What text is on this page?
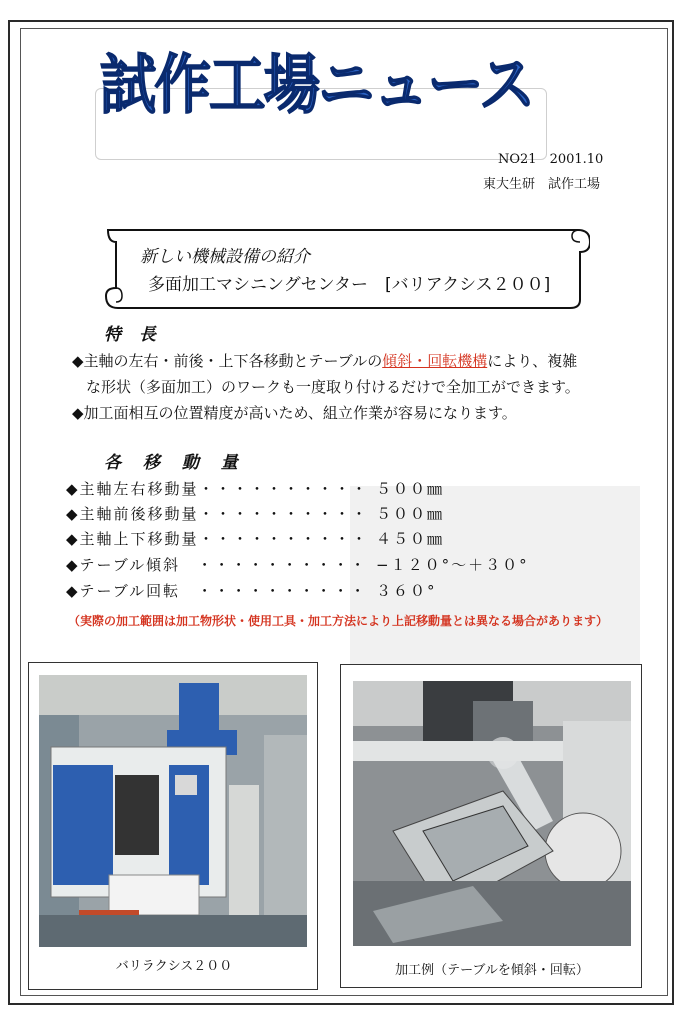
試作工場ニュース
NO21　2001.10
東大生研　試作工場
新しい機械設備の紹介
多面加工マシニングセンター　[バリアクシス２００]
特 長
◆主軸の左右・前後・上下各移動とテーブルの傾斜・回転機構により、複雑
な形状（多面加工）のワークも一度取り付けるだけで全加工ができます。
◆加工面相互の位置精度が高いため、組立作業が容易になります。
各 移 動 量
◆主軸左右移動量・・・・・・・・・・ ５００㎜
◆主軸前後移動量・・・・・・・・・・ ５００㎜
◆主軸上下移動量・・・・・・・・・・ ４５０㎜
◆テーブル傾斜　・・・・・・・・・・ −１２０°〜＋３０°
◆テーブル回転　・・・・・・・・・・ ３６０°
（実際の加工範囲は加工物形状・使用工具・加工方法により上記移動量とは異なる場合があります）
バリラクシス２００	加工例（テーブルを傾斜・回転）
